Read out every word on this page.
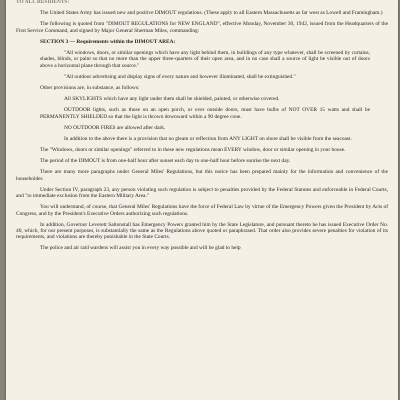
TO ALL RESIDENTS:

The United States Army has issued new and positive DIMOUT regulations. (These apply to all Eastern Massachusetts as far west as Lowell and Framingham.)

The following is quoted from "DIMOUT REGULATIONS for NEW ENGLAND", effective Monday, November 30, 1942, issued from the Headquarters of the First Service Command, and signed by Major General Sherman Miles, commanding:

SECTION 3 — Requirements within the DIMOUT AREA:

"All windows, doors, or similar openings which have any light behind them, in buildings of any type whatever, shall be screened by curtains, shades, blinds, or paint so that no more than the upper three-quarters of their open area, and in no case shall a source of light be visible out of doors above a horizontal plane through that source."

"All outdoor advertising and display signs of every nature and however illuminated, shall be extinguished."

Other provisions are, in substance, as follows:

All SKYLIGHTS which have any light under them shall be shielded, painted, or otherwise covered.

OUTDOOR lights, such as those on an open porch, or over outside doors, must have bulbs of NOT OVER 15 watts and shall be PERMANENTLY SHIELDED so that the light is thrown downward within a 90 degree cone.

NO OUTDOOR FIRES are allowed after dark.

In addition to the above there is a provision that no gleam or reflection from ANY LIGHT on shore shall be visible from the seacoast.

The "Windows, doors or similar openings" referred to in these new regulations mean EVERY window, door or similar opening in your house.

The period of the DIMOUT is from one-half hour after sunset each day to one-half hour before sunrise the next day.

There are many more paragraphs under General Miles' Regulations, but this notice has been prepared mainly for the information and convenience of the householder.

Under Section IV, paragraph 23, any person violating such regulation is subject to penalties provided by the Federal Statutes and enforceable in Federal Courts, and "to immediate exclusion from the Eastern Military Area."

You will understand, of course, that General Miles' Regulations have the force of Federal Law by virtue of the Emergency Powers given the President by Acts of Congress, and by the President's Executive Orders authorizing such regulations.

In addition, Governor Leverett Saltonstall has Emergency Powers granted him by the State Legislature, and pursuant thereto he has issued Executive Order No. 40, which, for our present purposes, is substantially the same as the Regulations above quoted or paraphrased. That order also provides severe penalties for violation of its requirements, and violations are thereby punishable in the State Courts.

The police and air raid wardens will assist you in every way possible and will be glad to help
